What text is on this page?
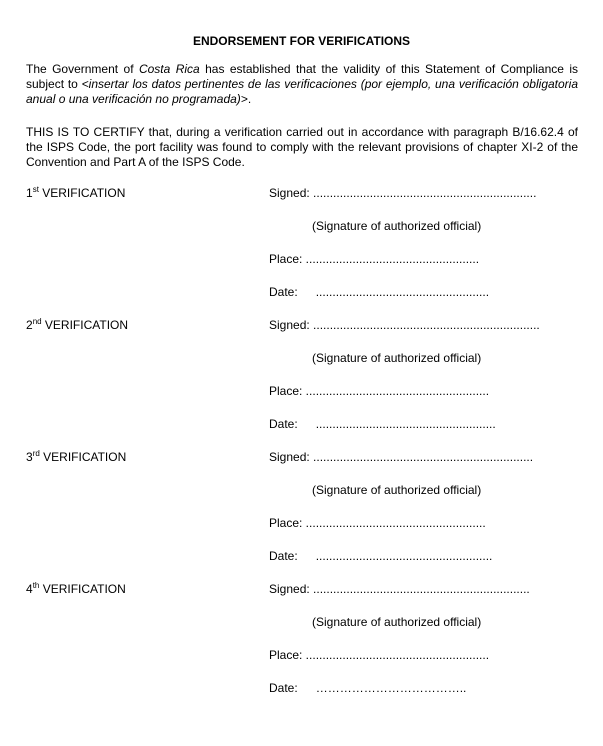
ENDORSEMENT FOR VERIFICATIONS
The Government of Costa Rica has established that the validity of this Statement of Compliance is subject to <insertar los datos pertinentes de las verificaciones (por ejemplo, una verificación obligatoria anual o una verificación no programada)>.
THIS IS TO CERTIFY that, during a verification carried out in accordance with paragraph B/16.62.4 of the ISPS Code, the port facility was found to comply with the relevant provisions of chapter XI-2 of the Convention and Part A of the ISPS Code.
1st VERIFICATION	Signed: ...................................................................
(Signature of authorized official)
Place: ....................................................
Date: ....................................................
2nd VERIFICATION	Signed: ....................................................................
(Signature of authorized official)
Place: .......................................................
Date: ......................................................
3rd VERIFICATION	Signed: ..................................................................
(Signature of authorized official)
Place: ......................................................
Date: .....................................................
4th VERIFICATION	Signed: .................................................................
(Signature of authorized official)
Place: .......................................................
Date: ………………………………..
